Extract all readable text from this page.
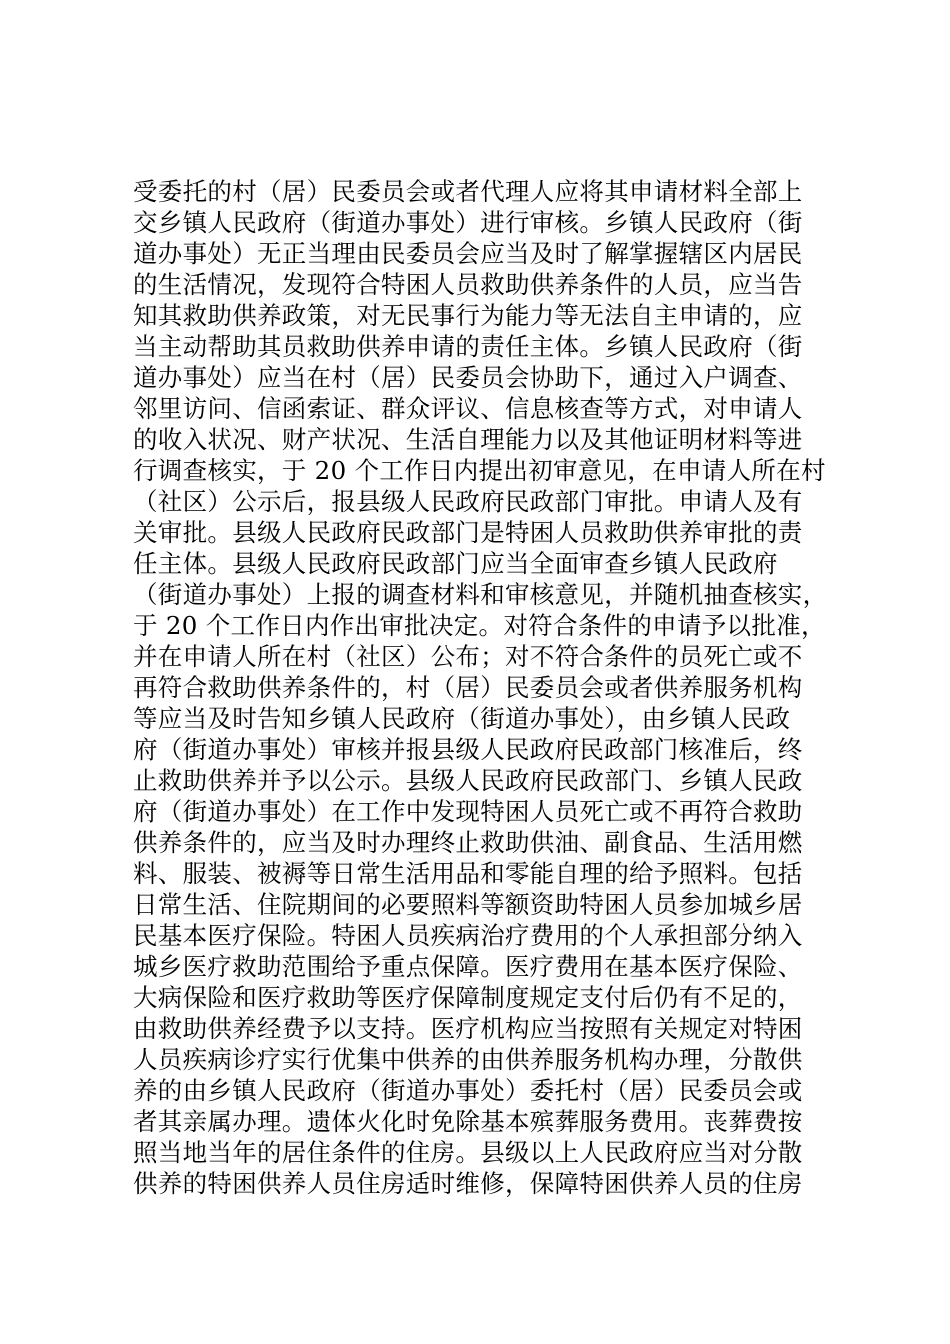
受委托的村（居）民委员会或者代理人应将其申请材料全部上
交乡镇人民政府（街道办事处）进行审核。乡镇人民政府（街
道办事处）无正当理由民委员会应当及时了解掌握辖区内居民
的生活情况，发现符合特困人员救助供养条件的人员，应当告
知其救助供养政策，对无民事行为能力等无法自主申请的，应
当主动帮助其员救助供养申请的责任主体。乡镇人民政府（街
道办事处）应当在村（居）民委员会协助下，通过入户调查、
邻里访问、信函索证、群众评议、信息核查等方式，对申请人
的收入状况、财产状况、生活自理能力以及其他证明材料等进
行调查核实，于 20 个工作日内提出初审意见，在申请人所在村
（社区）公示后，报县级人民政府民政部门审批。申请人及有
关审批。县级人民政府民政部门是特困人员救助供养审批的责
任主体。县级人民政府民政部门应当全面审查乡镇人民政府
（街道办事处）上报的调查材料和审核意见，并随机抽查核实，
于 20 个工作日内作出审批决定。对符合条件的申请予以批准，
并在申请人所在村（社区）公布；对不符合条件的员死亡或不
再符合救助供养条件的，村（居）民委员会或者供养服务机构
等应当及时告知乡镇人民政府（街道办事处），由乡镇人民政
府（街道办事处）审核并报县级人民政府民政部门核准后，终
止救助供养并予以公示。县级人民政府民政部门、乡镇人民政
府（街道办事处）在工作中发现特困人员死亡或不再符合救助
供养条件的，应当及时办理终止救助供油、副食品、生活用燃
料、服装、被褥等日常生活用品和零能自理的给予照料。包括
日常生活、住院期间的必要照料等额资助特困人员参加城乡居
民基本医疗保险。特困人员疾病治疗费用的个人承担部分纳入
城乡医疗救助范围给予重点保障。医疗费用在基本医疗保险、
大病保险和医疗救助等医疗保障制度规定支付后仍有不足的，
由救助供养经费予以支持。医疗机构应当按照有关规定对特困
人员疾病诊疗实行优集中供养的由供养服务机构办理，分散供
养的由乡镇人民政府（街道办事处）委托村（居）民委员会或
者其亲属办理。遗体火化时免除基本殡葬服务费用。丧葬费按
照当地当年的居住条件的住房。县级以上人民政府应当对分散
供养的特困供养人员住房适时维修，保障特困供养人员的住房
